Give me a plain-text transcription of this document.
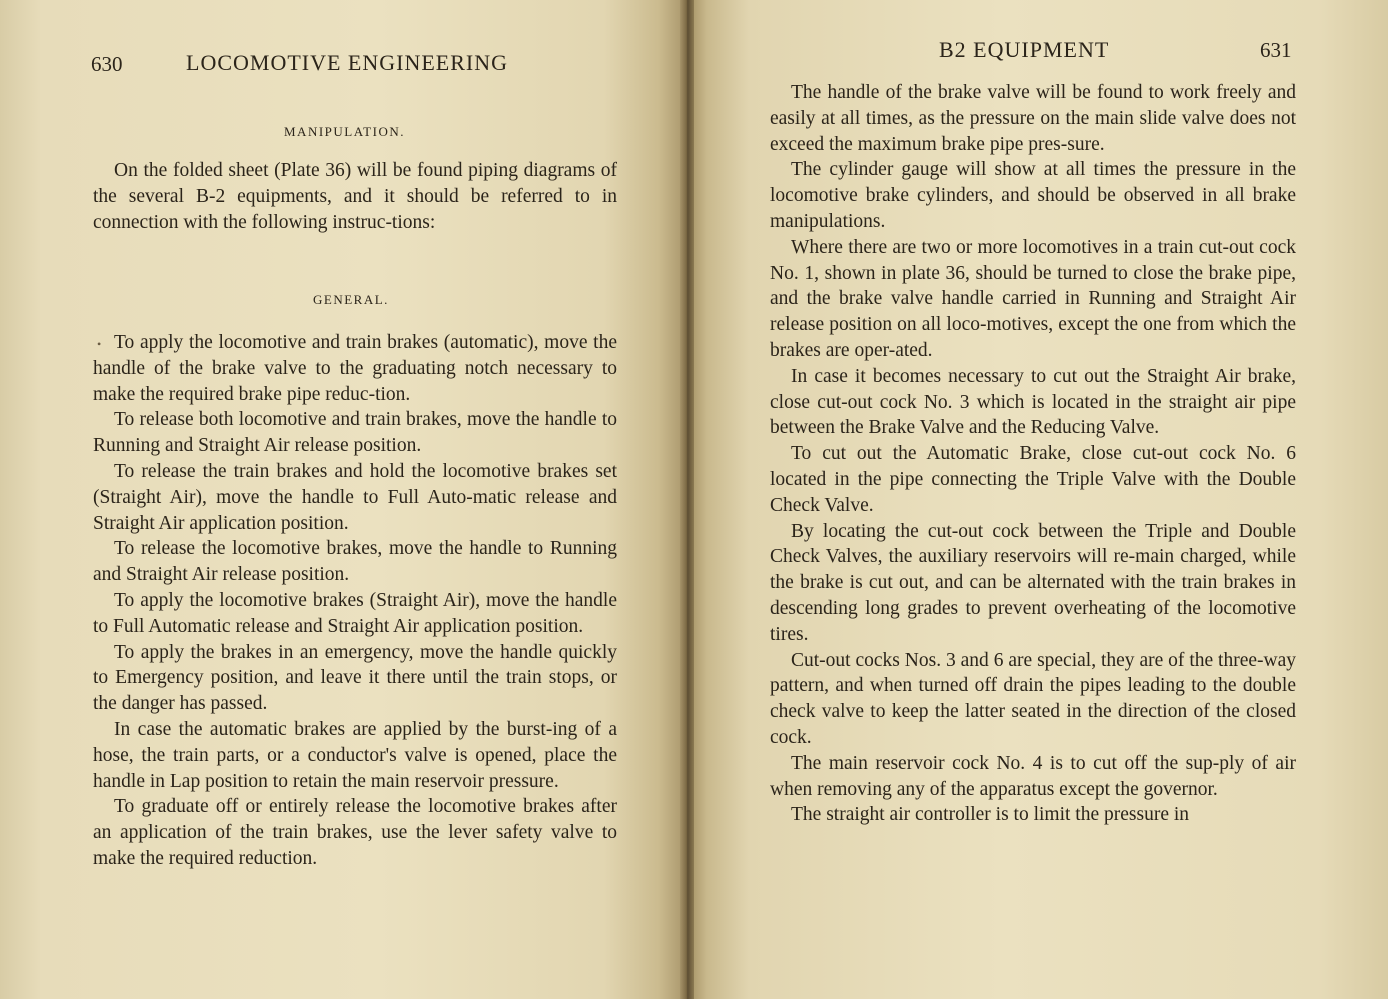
630	LOCOMOTIVE ENGINEERING
MANIPULATION.

On the folded sheet (Plate 36) will be found piping diagrams of the several B-2 equipments, and it should be referred to in connection with the following instruc-tions:

GENERAL.
• To apply the locomotive and train brakes (automatic), move the handle of the brake valve to the graduating notch necessary to make the required brake pipe reduc-tion.

To release both locomotive and train brakes, move the handle to Running and Straight Air release position.

To release the train brakes and hold the locomotive brakes set (Straight Air), move the handle to Full Auto-matic release and Straight Air application position.

To release the locomotive brakes, move the handle to Running and Straight Air release position.

To apply the locomotive brakes (Straight Air), move the handle to Full Automatic release and Straight Air application position.

To apply the brakes in an emergency, move the handle quickly to Emergency position, and leave it there until the train stops, or the danger has passed.

In case the automatic brakes are applied by the burst-ing of a hose, the train parts, or a conductor's valve is opened, place the handle in Lap position to retain the main reservoir pressure.

To graduate off or entirely release the locomotive brakes after an application of the train brakes, use the lever safety valve to make the required reduction.

B2 EQUIPMENT	631

The handle of the brake valve will be found to work freely and easily at all times, as the pressure on the main slide valve does not exceed the maximum brake pipe pres-sure.

The cylinder gauge will show at all times the pressure in the locomotive brake cylinders, and should be observed in all brake manipulations.

Where there are two or more locomotives in a train cut-out cock No. 1, shown in plate 36, should be turned to close the brake pipe, and the brake valve handle carried in Running and Straight Air release position on all loco-motives, except the one from which the brakes are oper-ated.

In case it becomes necessary to cut out the Straight Air brake, close cut-out cock No. 3 which is located in the straight air pipe between the Brake Valve and the Reducing Valve.

To cut out the Automatic Brake, close cut-out cock No. 6 located in the pipe connecting the Triple Valve with the Double Check Valve.

By locating the cut-out cock between the Triple and Double Check Valves, the auxiliary reservoirs will re-main charged, while the brake is cut out, and can be alternated with the train brakes in descending long grades to prevent overheating of the locomotive tires.

Cut-out cocks Nos. 3 and 6 are special, they are of the three-way pattern, and when turned off drain the pipes leading to the double check valve to keep the latter seated in the direction of the closed cock.

The main reservoir cock No. 4 is to cut off the sup-ply of air when removing any of the apparatus except the governor.

The straight air controller is to limit the pressure in
